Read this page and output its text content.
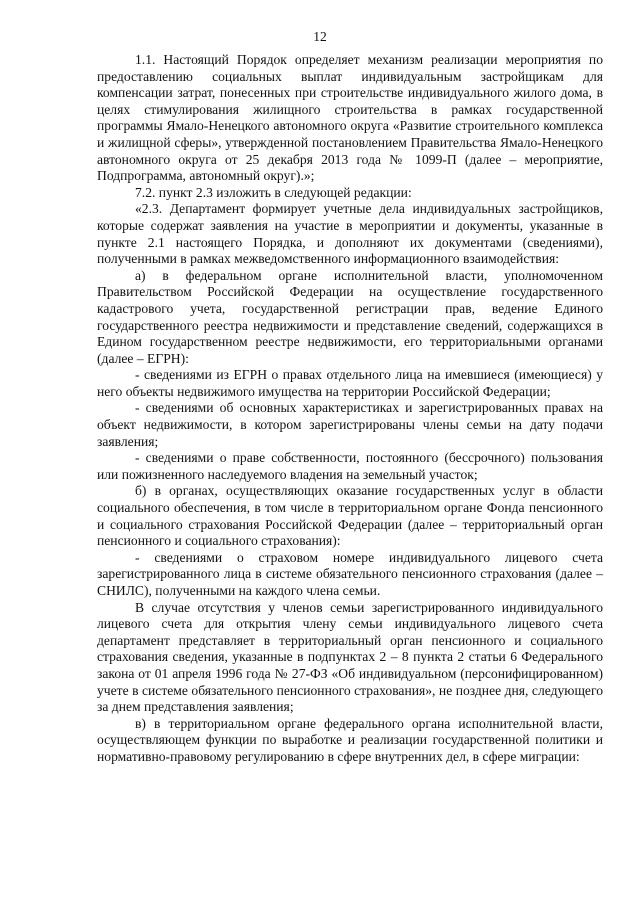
12

1.1. Настоящий Порядок определяет механизм реализации мероприятия по предоставлению социальных выплат индивидуальным застройщикам для компенсации затрат, понесенных при строительстве индивидуального жилого дома, в целях стимулирования жилищного строительства в рамках государственной программы Ямало-Ненецкого автономного округа «Развитие строительного комплекса и жилищной сферы», утвержденной постановлением Правительства Ямало-Ненецкого автономного округа от 25 декабря 2013 года № 1099-П (далее – мероприятие, Подпрограмма, автономный округ).»;

7.2. пункт 2.3 изложить в следующей редакции:

«2.3. Департамент формирует учетные дела индивидуальных застройщиков, которые содержат заявления на участие в мероприятии и документы, указанные в пункте 2.1 настоящего Порядка, и дополняют их документами (сведениями), полученными в рамках межведомственного информационного взаимодействия:

а) в федеральном органе исполнительной власти, уполномоченном Правительством Российской Федерации на осуществление государственного кадастрового учета, государственной регистрации прав, ведение Единого государственного реестра недвижимости и представление сведений, содержащихся в Едином государственном реестре недвижимости, его территориальными органами (далее – ЕГРН):

- сведениями из ЕГРН о правах отдельного лица на имевшиеся (имеющиеся) у него объекты недвижимого имущества на территории Российской Федерации;

- сведениями об основных характеристиках и зарегистрированных правах на объект недвижимости, в котором зарегистрированы члены семьи на дату подачи заявления;

- сведениями о праве собственности, постоянного (бессрочного) пользования или пожизненного наследуемого владения на земельный участок;

б) в органах, осуществляющих оказание государственных услуг в области социального обеспечения, в том числе в территориальном органе Фонда пенсионного и социального страхования Российской Федерации (далее – территориальный орган пенсионного и социального страхования):

- сведениями о страховом номере индивидуального лицевого счета зарегистрированного лица в системе обязательного пенсионного страхования (далее – СНИЛС), полученными на каждого члена семьи.

В случае отсутствия у членов семьи зарегистрированного индивидуального лицевого счета для открытия члену семьи индивидуального лицевого счета департамент представляет в территориальный орган пенсионного и социального страхования сведения, указанные в подпунктах 2 – 8 пункта 2 статьи 6 Федерального закона от 01 апреля 1996 года № 27-ФЗ «Об индивидуальном (персонифицированном) учете в системе обязательного пенсионного страхования», не позднее дня, следующего за днем представления заявления;

в) в территориальном органе федерального органа исполнительной власти, осуществляющем функции по выработке и реализации государственной политики и нормативно-правовому регулированию в сфере внутренних дел, в сфере миграции:
